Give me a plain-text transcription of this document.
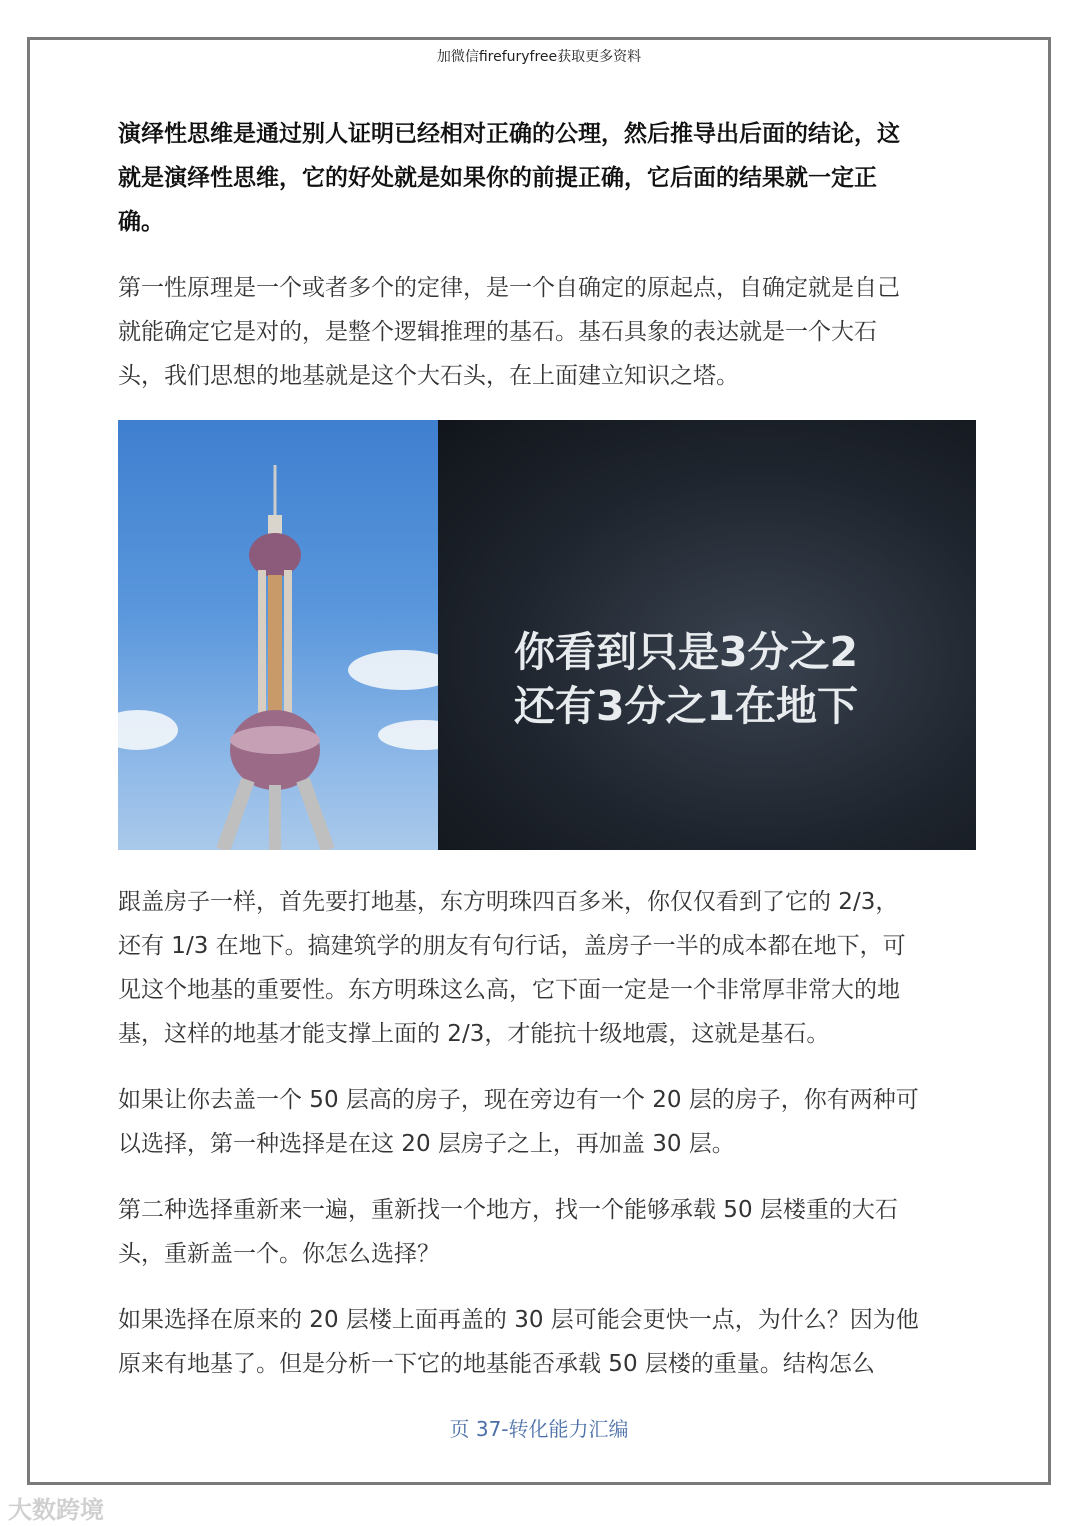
加微信firefuryfree获取更多资料

演绎性思维是通过别人证明已经相对正确的公理，然后推导出后面的结论，这
就是演绎性思维，它的好处就是如果你的前提正确，它后面的结果就一定正
确。

第一性原理是一个或者多个的定律，是一个自确定的原起点，自确定就是自己
就能确定它是对的，是整个逻辑推理的基石。基石具象的表达就是一个大石
头，我们思想的地基就是这个大石头，在上面建立知识之塔。

你看到只是3分之2
还有3分之1在地下

跟盖房子一样，首先要打地基，东方明珠四百多米，你仅仅看到了它的 2/3，
还有 1/3 在地下。搞建筑学的朋友有句行话，盖房子一半的成本都在地下，可
见这个地基的重要性。东方明珠这么高，它下面一定是一个非常厚非常大的地
基，这样的地基才能支撑上面的 2/3，才能抗十级地震，这就是基石。

如果让你去盖一个 50 层高的房子，现在旁边有一个 20 层的房子，你有两种可
以选择，第一种选择是在这 20 层房子之上，再加盖 30 层。

第二种选择重新来一遍，重新找一个地方，找一个能够承载 50 层楼重的大石
头，重新盖一个。你怎么选择？

如果选择在原来的 20 层楼上面再盖的 30 层可能会更快一点，为什么？因为他
原来有地基了。但是分析一下它的地基能否承载 50 层楼的重量。结构怎么

页 37-转化能力汇编
大数跨境
